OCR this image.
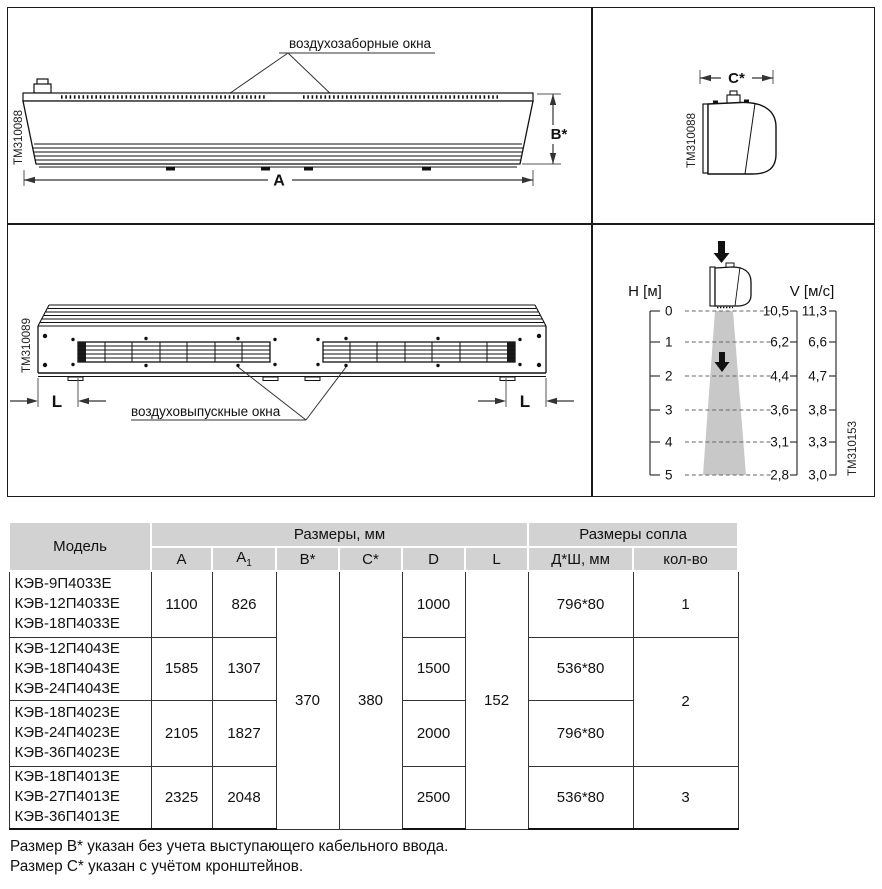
воздухозаборные окна
A
B*
TM310088
C*
TM310088
L	L
воздуховыпускные окна
TM310089
H [м]	V [м/с]
0
1
2
3
4
5
10,5
6,2
4,4
3,6
3,1
2,8
11,3
6,6
4,7
3,8
3,3
3,0 TM310153
Модель	Размеры, мм						Размеры сопла	
	A	$A_1$	B*	C*	D	L	Д*Ш, мм	кол-во

КЭВ-9П4033Е
КЭВ-12П4033Е
КЭВ-18П4033Е	1100	826	370	380	1000	152	796*80	1

КЭВ-12П4043Е
КЭВ-18П4043Е
КЭВ-24П4043Е	1585	1307			1500		536*80	2

КЭВ-18П4023Е
КЭВ-24П4023Е
КЭВ-36П4023Е	2105	1827			2000		796*80	

КЭВ-18П4013Е
КЭВ-27П4013Е
КЭВ-36П4013Е	2325	2048			2500		536*80	3
Размер В* указан без учета выступающего кабельного ввода.
Размер С* указан с учётом кронштейнов.
